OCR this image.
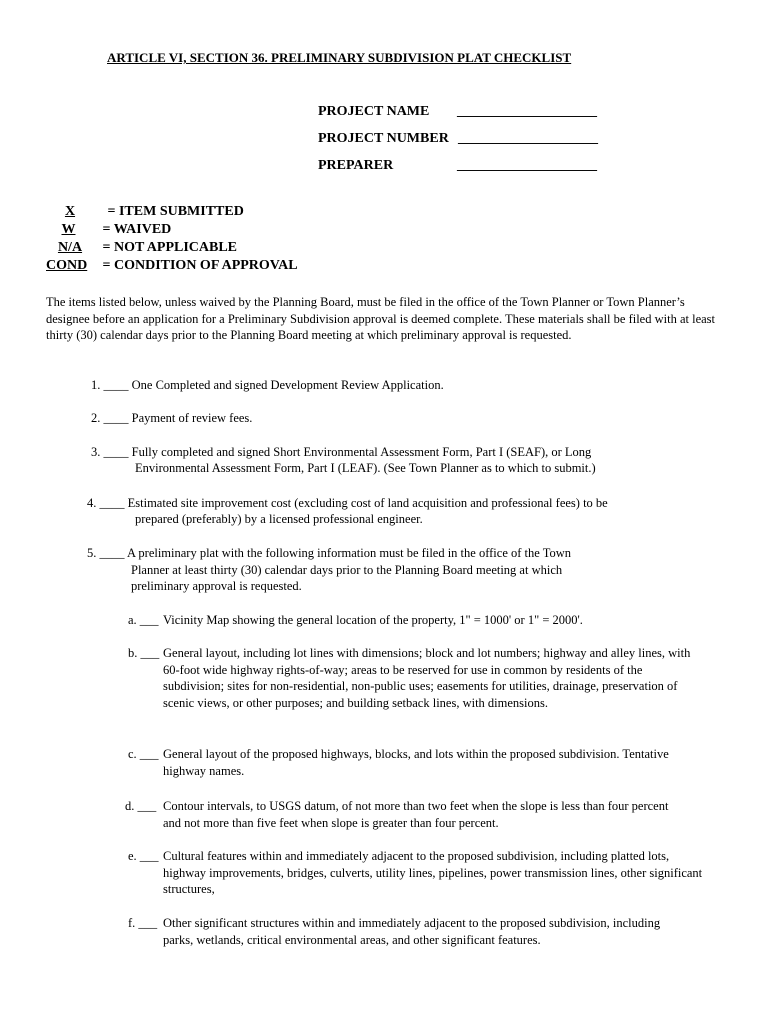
ARTICLE VI, SECTION 36. PRELIMINARY SUBDIVISION PLAT CHECKLIST
PROJECT NAME ____________________
PROJECT NUMBER ____________________
PREPARER	____________________
X = ITEM SUBMITTED
W = WAIVED
N/A = NOT APPLICABLE
COND = CONDITION OF APPROVAL
The items listed below, unless waived by the Planning Board, must be filed in the office of the Town Planner or Town Planner’s designee before an application for a Preliminary Subdivision approval is deemed complete. These materials shall be filed with at least thirty (30) calendar days prior to the Planning Board meeting at which preliminary approval is requested.
1. ____ One Completed and signed Development Review Application.
2. ____ Payment of review fees.
3. ____ Fully completed and signed Short Environmental Assessment Form, Part I (SEAF), or Long
Environmental Assessment Form, Part I (LEAF). (See Town Planner as to which to submit.)
4. ____ Estimated site improvement cost (excluding cost of land acquisition and professional fees) to be
prepared (preferably) by a licensed professional engineer.
5. ____ A preliminary plat with the following information must be filed in the office of the Town
Planner at least thirty (30) calendar days prior to the Planning Board meeting at which
preliminary approval is requested.
a. ___ Vicinity Map showing the general location of the property, 1" = 1000' or 1" = 2000'.
b. ___ General layout, including lot lines with dimensions; block and lot numbers; highway and alley lines, with 60-foot wide highway rights-of-way; areas to be reserved for use in common by residents of the subdivision; sites for non-residential, non-public uses; easements for utilities, drainage, preservation of scenic views, or other purposes; and building setback lines, with dimensions.
c. ___ General layout of the proposed highways, blocks, and lots within the proposed subdivision. Tentative highway names.
d. ___ Contour intervals, to USGS datum, of not more than two feet when the slope is less than four percent and not more than five feet when slope is greater than four percent.
e. ___ Cultural features within and immediately adjacent to the proposed subdivision, including platted lots, highway improvements, bridges, culverts, utility lines, pipelines, power transmission lines, other significant structures,
f. ___ Other significant structures within and immediately adjacent to the proposed subdivision, including parks, wetlands, critical environmental areas, and other significant features.
